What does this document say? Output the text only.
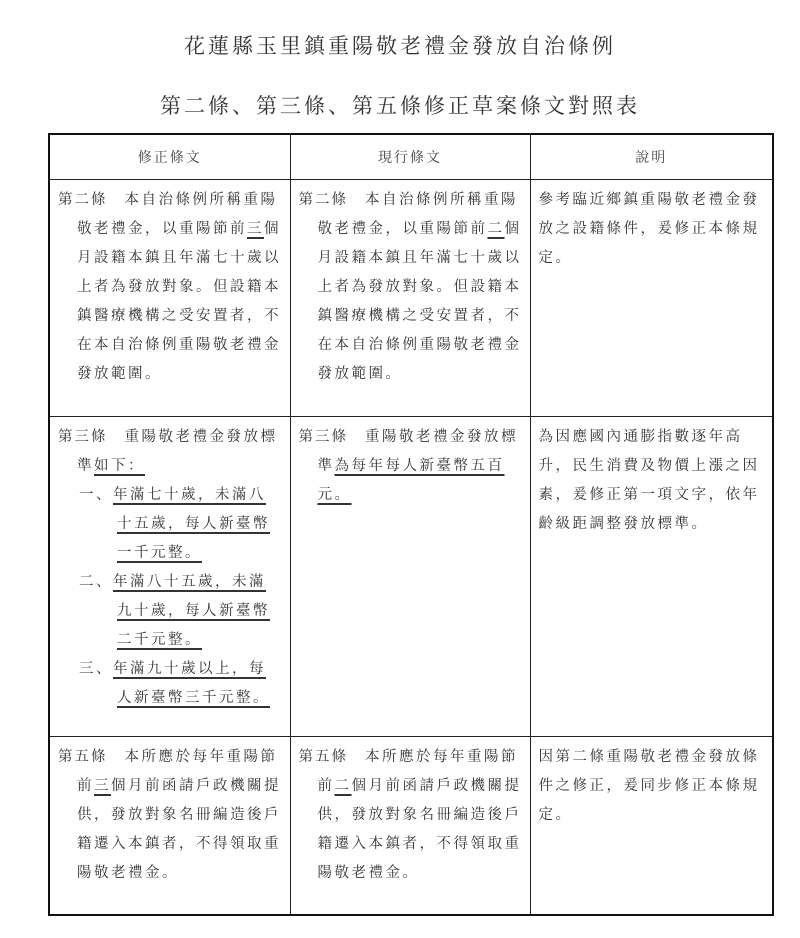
花蓮縣玉里鎮重陽敬老禮金發放自治條例
第二條、第三條、第五條修正草案條文對照表
修正條文	現行條文	說明

第二條　 本自治條例所稱重陽敬老禮金，以重陽節前三個月設籍本鎮且年滿七十歲以上者為發放對象。但設籍本鎮醫療機構之受安置者，不在本自治條例重陽敬老禮金發放範圍。	第二條　 本自治條例所稱重陽敬老禮金，以重陽節前二個月設籍本鎮且年滿七十歲以上者為發放對象。但設籍本鎮醫療機構之受安置者，不在本自治條例重陽敬老禮金發放範圍。	參考臨近鄉鎮重陽敬老禮金發放之設籍條件，爰修正本條規定。

第三條　 重陽敬老禮金發放標準如下：

一、年滿七十歲，未滿八十五歲，每人新臺幣一千元整。

二、年滿八十五歲，未滿九十歲，每人新臺幣二千元整。

三、年滿九十歲以上，每人新臺幣三千元整。	第三條　 重陽敬老禮金發放標準為每年每人新臺幣五百元。	為因應國內通膨指數逐年高升，民生消費及物價上漲之因素，爰修正第一項文字，依年齡級距調整發放標準。

第五條　 本所應於每年重陽節前三個月前函請戶政機關提供，發放對象名冊編造後戶籍遷入本鎮者，不得領取重陽敬老禮金。	第五條　 本所應於每年重陽節前二個月前函請戶政機關提供，發放對象名冊編造後戶籍遷入本鎮者，不得領取重陽敬老禮金。	因第二條重陽敬老禮金發放條件之修正，爰同步修正本條規定。
